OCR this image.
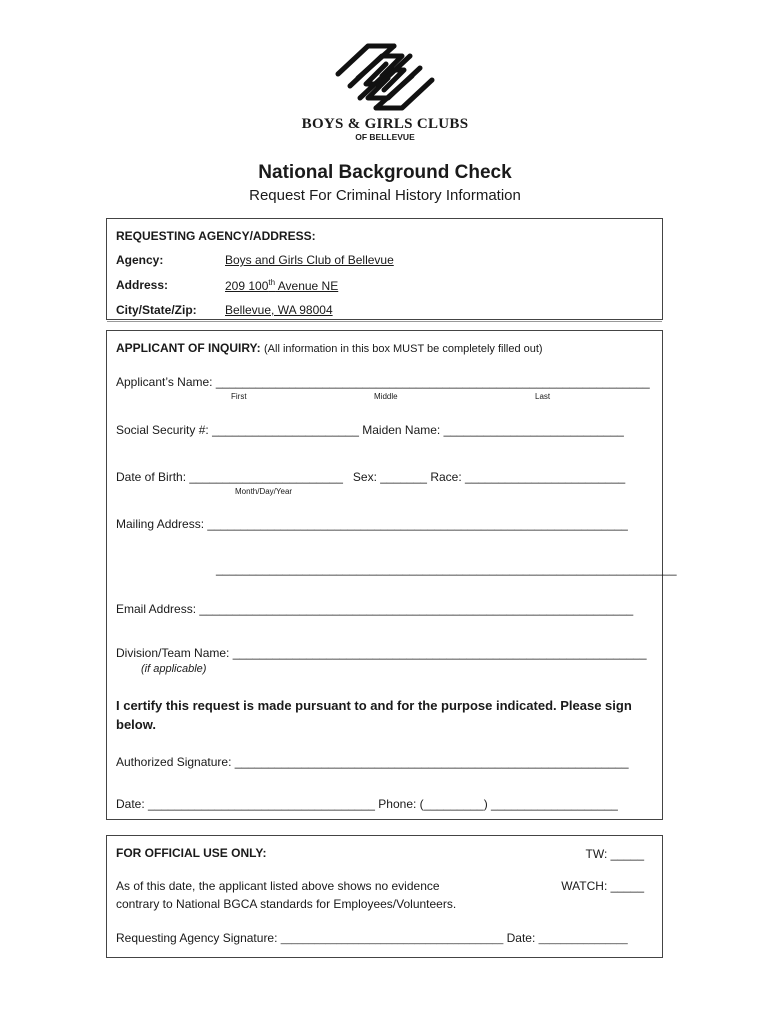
BOYS & GIRLS CLUBS
OF BELLEVUE
National Background Check
Request For Criminal History Information
REQUESTING AGENCY/ADDRESS:
Agency:	Boys and Girls Club of Bellevue
Address:	209 100th Avenue NE
City/State/Zip: Bellevue, WA 98004
APPLICANT OF INQUIRY: (All information in this box MUST be completely filled out)
Applicant’s Name: _________________________________________________________________
First	Middle	Last
Social Security #: ______________________ Maiden Name: ___________________________
Date of Birth: _______________________ Sex: _______ Race: ________________________
Month/Day/Year
Mailing Address: _______________________________________________________________
_____________________________________________________________________
Email Address: _________________________________________________________________
Division/Team Name: ______________________________________________________________
(if applicable)
I certify this request is made pursuant to and for the purpose indicated. Please sign below.
Authorized Signature: ___________________________________________________________
Date: __________________________________ Phone: (_________) ___________________
FOR OFFICIAL USE ONLY:	TW: _____
As of this date, the applicant listed above shows no evidence	WATCH: _____
contrary to National BGCA standards for Employees/Volunteers.
Requesting Agency Signature: ________________________________________ Date: ________________
